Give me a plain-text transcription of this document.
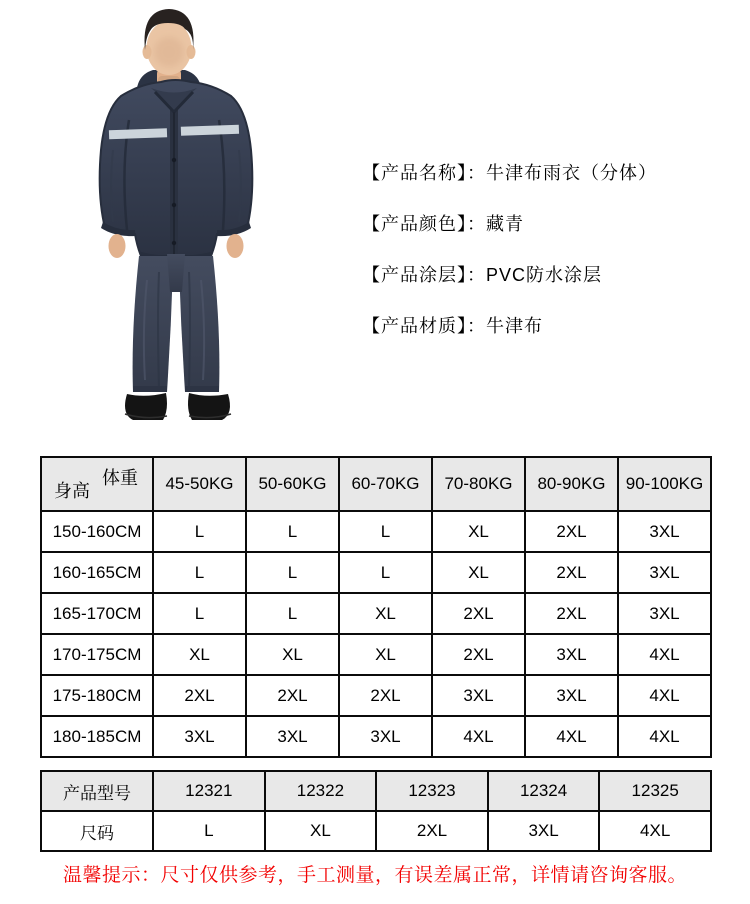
【产品名称】：牛津布雨衣（分体）
【产品颜色】：藏青
【产品涂层】：PVC防水涂层
【产品材质】：牛津布
体重
身高	45-50KG	50-60KG	60-70KG	70-80KG	80-90KG	90-100KG
150-160CM	L	L	L	XL	2XL	3XL
160-165CM	L	L	L	XL	2XL	3XL
165-170CM	L	L	XL	2XL	2XL	3XL
170-175CM	XL	XL	XL	2XL	3XL	4XL
175-180CM	2XL	2XL	2XL	3XL	3XL	4XL
180-185CM	3XL	3XL	3XL	4XL	4XL	4XL
产品型号	12321	12322	12323	12324	12325
尺码	L	XL	2XL	3XL	4XL
温馨提示：尺寸仅供参考，手工测量，有误差属正常，详情请咨询客服。
